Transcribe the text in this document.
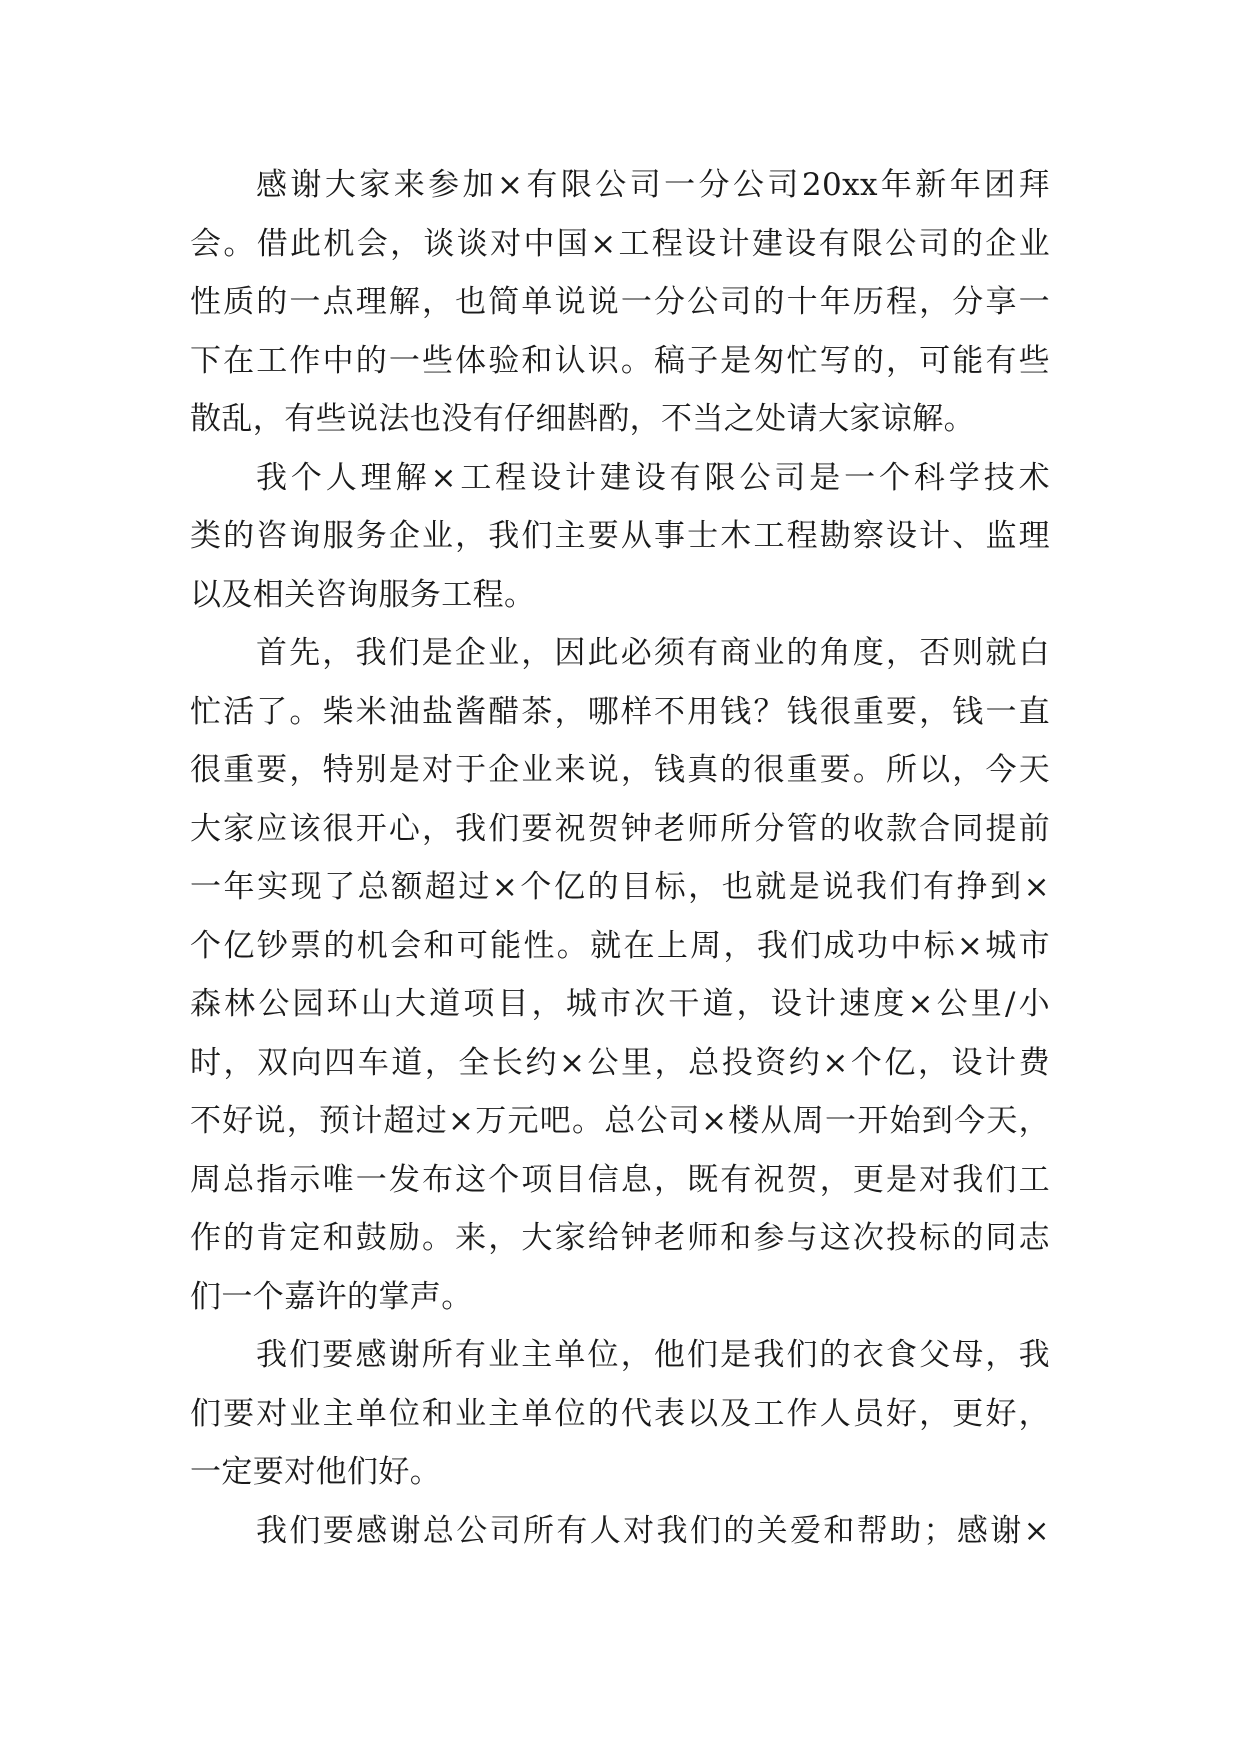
感谢大家来参加×有限公司一分公司20xx年新年团拜
会。借此机会，谈谈对中国×工程设计建设有限公司的企业
性质的一点理解，也简单说说一分公司的十年历程，分享一
下在工作中的一些体验和认识。稿子是匆忙写的，可能有些
散乱，有些说法也没有仔细斟酌，不当之处请大家谅解。
我个人理解×工程设计建设有限公司是一个科学技术
类的咨询服务企业，我们主要从事士木工程勘察设计、监理
以及相关咨询服务工程。
首先，我们是企业，因此必须有商业的角度，否则就白
忙活了。柴米油盐酱醋茶，哪样不用钱？钱很重要，钱一直
很重要，特别是对于企业来说，钱真的很重要。所以，今天
大家应该很开心，我们要祝贺钟老师所分管的收款合同提前
一年实现了总额超过×个亿的目标，也就是说我们有挣到×
个亿钞票的机会和可能性。就在上周，我们成功中标×城市
森林公园环山大道项目，城市次干道，设计速度×公里/小
时，双向四车道，全长约×公里，总投资约×个亿，设计费
不好说，预计超过×万元吧。总公司×楼从周一开始到今天，
周总指示唯一发布这个项目信息，既有祝贺，更是对我们工
作的肯定和鼓励。来，大家给钟老师和参与这次投标的同志
们一个嘉许的掌声。
我们要感谢所有业主单位，他们是我们的衣食父母，我
们要对业主单位和业主单位的代表以及工作人员好，更好，
一定要对他们好。
我们要感谢总公司所有人对我们的关爱和帮助；感谢×
